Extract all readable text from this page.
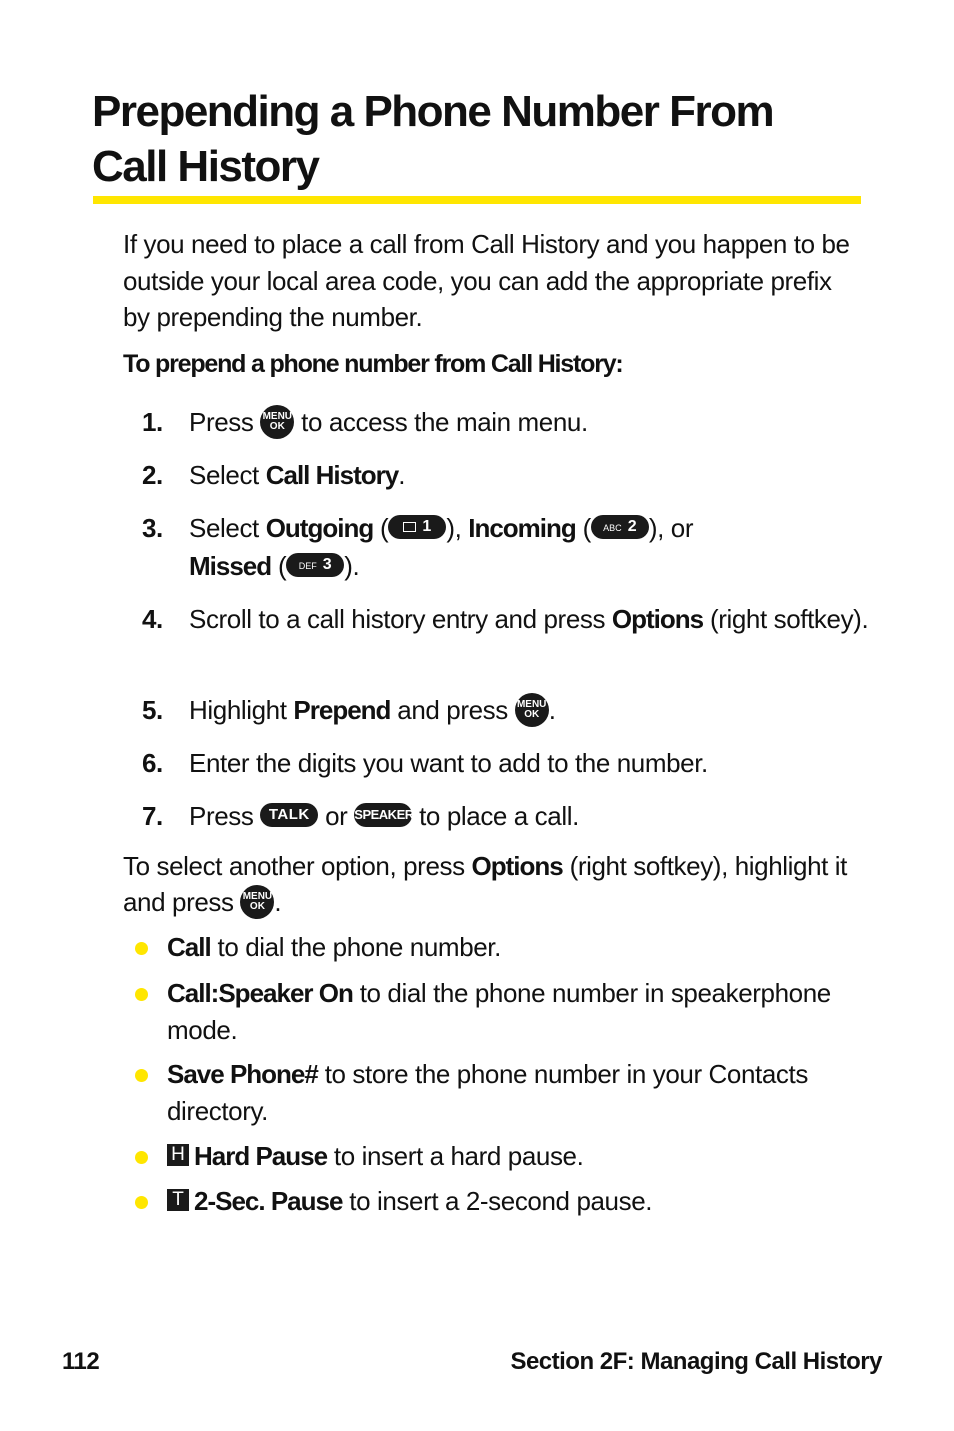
Prepending a Phone Number From
Call History

If you need to place a call from Call History and you happen to be outside your local area code, you can add the appropriate prefix by prepending the number.

To prepend a phone number from Call History:

1. Press MENU
OK to access the main menu.
2. Select Call History.
3. Select Outgoing ( 1 ), Incoming ( ABC 2 ), or
Missed ( DEF 3 ).
4. Scroll to a call history entry and press Options (right softkey).
5. Highlight Prepend and press MENU
OK .
6. Enter the digits you want to add to the number.
7. Press TALK or SPEAKER to place a call.

To select another option, press Options (right softkey), highlight it and press MENU
OK .

Call to dial the phone number.
Call:Speaker On to dial the phone number in speakerphone mode.
Save Phone# to store the phone number in your Contacts directory.
H Hard Pause to insert a hard pause.
T 2-Sec. Pause to insert a 2-second pause.
112	Section 2F: Managing Call History
